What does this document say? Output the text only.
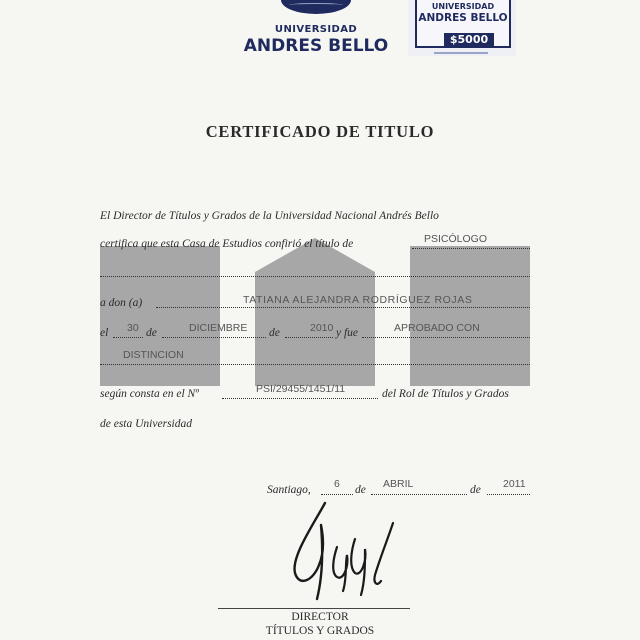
UNIVERSIDAD
ANDRES BELLO
UNIVERSIDAD
ANDRES BELLO
$5000
CERTIFICADO DE TITULO
El Director de Títulos y Grados de la Universidad Nacional Andrés Bello
certifica que esta Casa de Estudios confirió el título de	PSICÓLOGO
a don (a)	TATIANA ALEJANDRA RODRÍGUEZ ROJAS
el 30 de	DICIEMBRE de	2010 y fue	APROBADO CON
DISTINCION
según consta en el Nº	PSI/29455/1451/11	del Rol de Títulos y Grados
de esta Universidad
Santiago, 6 de ABRIL	de 2011
DIRECTOR
TÍTULOS Y GRADOS
